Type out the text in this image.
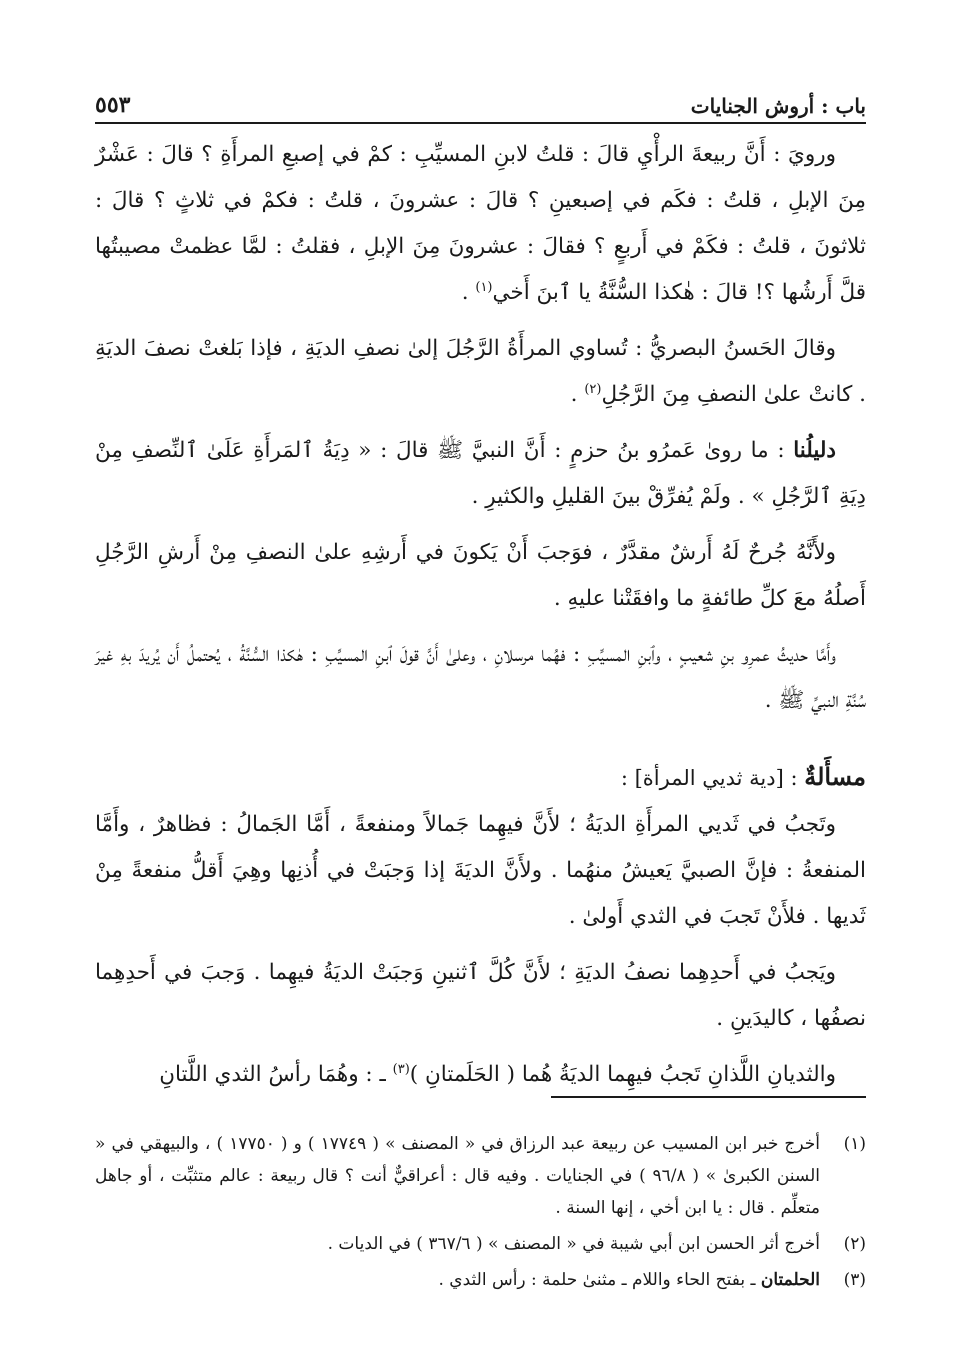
باب : أروش الجنايات
٥٥٣

ورويَ : أَنَّ ربيعةَ الرأْيِ قالَ : قلتُ لابنِ المسيِّبِ : كمْ في إصبعِ المرأَةِ ؟ قالَ : عَشْرٌ مِنَ الإبلِ ، قلتُ : فكَم في إصبعينِ ؟ قالَ : عشرونَ ، قلتُ : فكمْ في ثلاثٍ ؟ قالَ : ثلاثونَ ، قلتُ : فكَمْ في أَربعٍ ؟ فقالَ : عشرونَ مِنَ الإبلِ ، فقلتُ : لمَّا عظمتْ مصيبتُها قلَّ أَرشُها ؟! قالَ : هٰكذا السُّنَّةُ يا ٱبنَ أَخي$^{(١)}$ .

وقالَ الحَسنُ البصريُّ : تُساوي المرأَةُ الرَّجُلَ إلىٰ نصفِ الديَةِ ، فإذا بَلغتْ نصفَ الديَةِ . كانتْ علىٰ النصفِ مِنَ الرَّجُلِ$^{(٢)}$ .

دليلُنا : ما روىٰ عَمرُو بنُ حزمٍ : أَنَّ النبيَّ ﷺ قالَ : « دِيَةُ ٱلمَرأَةِ عَلَىٰ ٱلنِّصفِ مِنْ دِيَةِ ٱلرَّجُلِ » . ولَمْ يُفرِّقْ بينَ القليلِ والكثيرِ .

ولأَنَّهُ جُرحٌ لَهُ أَرشٌ مقدَّرٌ ، فوَجبَ أَنْ يَكونَ في أَرشِهِ علىٰ النصفِ مِنْ أَرشِ الرَّجُلِ أَصلُهُ معَ كلِّ طائفةٍ ما وافقَتْنا عليهِ .

وأَمَّا حديثُ عمرِو بنِ شعيبٍ ، وٱبنِ المسيِّبِ : فهُما مرسلانِ ، وعلىٰ أَنَّ قولَ ٱبنِ المسيِّبِ : هٰكذا السُّنَّةُ ، يُحتملُ أَن يُريدَ بهِ غيرَ سُنَّةِ النبيِّ ﷺ .

مسأَلةٌ : [دية ثديي المرأة] :

وتَجبُ في ثَديي المرأَةِ الديَةُ ؛ لأَنَّ فيهِما جَمالاً ومنفعةً ، أَمَّا الجَمالُ : فظاهرٌ ، وأَمَّا المنفعةُ : فإنَّ الصبيَّ يَعيشُ منهُما . ولأَنَّ الديَةَ إذا وَجبَتْ في أُذنِها وهِيَ أَقلُّ منفعةً مِنْ ثَديها . فلأَنْ تَجبَ في الثدي أَولىٰ .

ويَجبُ في أَحدِهِما نصفُ الديَةِ ؛ لأَنَّ كُلَّ ٱثنينِ وَجبَتْ الديَةُ فيهِما . وَجبَ في أَحدِهِما نصفُها ، كاليدَينِ .

والثديانِ اللَّذانِ تَجبُ فيهِما الديَةُ هُما ( الحَلَمتانِ )$^{(٣)}$ ـ : وهُمَا رأسُ الثدي اللَّتانِ

(١)
أخرج خبر ابن المسيب عن ربيعة عبد الرزاق في « المصنف » ( ١٧٧٤٩ ) و ( ١٧٧٥٠ ) ، والبيهقي في « السنن الكبرىٰ » ( ٩٦/٨ ) في الجنايات . وفيه قال : أعراقيٌّ أنت ؟ قال ربيعة : عالم متثبِّت ، أو جاهل متعلِّم . قال : يا ابن أخي ، إنها السنة .
(٢)
أخرج أثر الحسن ابن أبي شيبة في « المصنف » ( ٣٦٧/٦ ) في الديات .
(٣)
الحلمتان ـ بفتح الحاء واللام ـ مثنىٰ حلمة : رأس الثدي .
